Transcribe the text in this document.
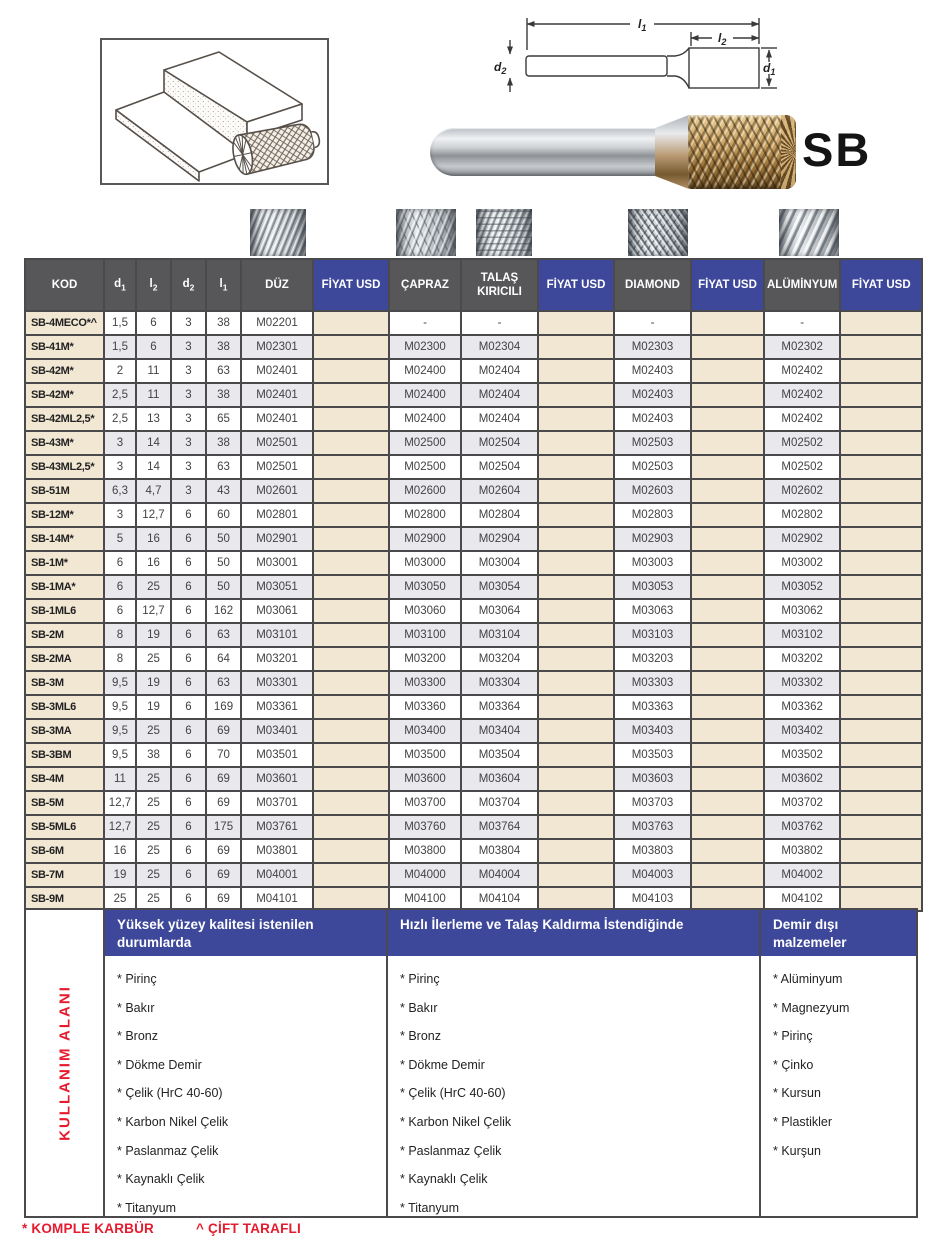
$l_1$
$l_2$
$d_2$	$d_1$
SB
KOD	$d_1$	$l_2$	$d_2$	$l_1$	DÜZ	FİYAT USD	ÇAPRAZ	TALAŞ KIRICILI	FİYAT USD	DIAMOND	FİYAT USD	ALÜMİNYUM	FİYAT USD
SB-4MECO*^	1,5	6	3	38	M02201		-	-		-		-	
SB-41M*	1,5	6	3	38	M02301		M02300	M02304		M02303		M02302	
SB-42M*	2	11	3	63	M02401		M02400	M02404		M02403		M02402	
SB-42M*	2,5	11	3	38	M02401		M02400	M02404		M02403		M02402	
SB-42ML2,5*	2,5	13	3	65	M02401		M02400	M02404		M02403		M02402	
SB-43M*	3	14	3	38	M02501		M02500	M02504		M02503		M02502	
SB-43ML2,5*	3	14	3	63	M02501		M02500	M02504		M02503		M02502	
SB-51M	6,3	4,7	3	43	M02601		M02600	M02604		M02603		M02602	
SB-12M*	3	12,7	6	60	M02801		M02800	M02804		M02803		M02802	
SB-14M*	5	16	6	50	M02901		M02900	M02904		M02903		M02902	
SB-1M*	6	16	6	50	M03001		M03000	M03004		M03003		M03002	
SB-1MA*	6	25	6	50	M03051		M03050	M03054		M03053		M03052	
SB-1ML6	6	12,7	6	162	M03061		M03060	M03064		M03063		M03062	
SB-2M	8	19	6	63	M03101		M03100	M03104		M03103		M03102	
SB-2MA	8	25	6	64	M03201		M03200	M03204		M03203		M03202	
SB-3M	9,5	19	6	63	M03301		M03300	M03304		M03303		M03302	
SB-3ML6	9,5	19	6	169	M03361		M03360	M03364		M03363		M03362	
SB-3MA	9,5	25	6	69	M03401		M03400	M03404		M03403		M03402	
SB-3BM	9,5	38	6	70	M03501		M03500	M03504		M03503		M03502	
SB-4M	11	25	6	69	M03601		M03600	M03604		M03603		M03602	
SB-5M	12,7	25	6	69	M03701		M03700	M03704		M03703		M03702	
SB-5ML6	12,7	25	6	175	M03761		M03760	M03764		M03763		M03762	
SB-6M	16	25	6	69	M03801		M03800	M03804		M03803		M03802	
SB-7M	19	25	6	69	M04001		M04000	M04004		M04003		M04002	
SB-9M	25	25	6	69	M04101		M04100	M04104		M04103		M04102	
KULLANIM ALANI
Yüksek yüzey kalitesi istenilen durumlarda
* Pirinç
* Bakır
* Bronz
* Dökme Demir
* Çelik (HrC 40-60)
* Karbon Nikel Çelik
* Paslanmaz Çelik
* Kaynaklı Çelik
* Titanyum
Hızlı İlerleme ve Talaş Kaldırma İstendiğinde
* Pirinç
* Bakır
* Bronz
* Dökme Demir
* Çelik (HrC 40-60)
* Karbon Nikel Çelik
* Paslanmaz Çelik
* Kaynaklı Çelik
* Titanyum
Demir dışı malzemeler
* Alüminyum
* Magnezyum
* Pirinç
* Çinko
* Kursun
* Plastikler
* Kurşun
* KOMPLE KARBÜR	^ ÇİFT TARAFLI
